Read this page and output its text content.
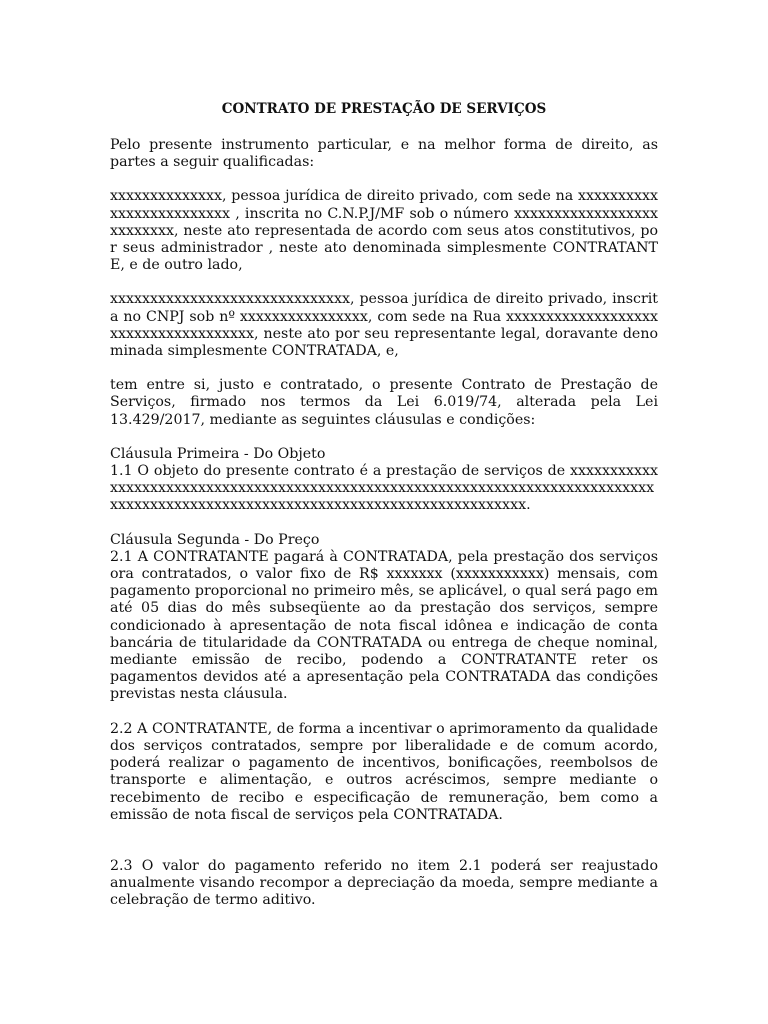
CONTRATO DE PRESTAÇÃO DE SERVIÇOS

Pelo presente instrumento particular, e na melhor forma de direito, as partes a seguir qualificadas:

xxxxxxxxxxxxxx, pessoa jurídica de direito privado, com sede na xxxxxxxxxxxxxxxxxxxxxxxxx , inscrita no C.N.P.J/MF sob o número xxxxxxxxxxxxxxxxxxxxxxxxxx, neste ato representada de acordo com seus atos constitutivos, por seus administrador , neste ato denominada simplesmente CONTRATANTE, e de outro lado,

xxxxxxxxxxxxxxxxxxxxxxxxxxxxxx, pessoa jurídica de direito privado, inscrita no CNPJ sob nº xxxxxxxxxxxxxxxx, com sede na Rua xxxxxxxxxxxxxxxxxxxxxxxxxxxxxxxxxxxxx, neste ato por seu representante legal, doravante denominada simplesmente CONTRATADA, e,

tem entre si, justo e contratado, o presente Contrato de Prestação de Serviços, firmado nos termos da Lei 6.019/74, alterada pela Lei 13.429/2017, mediante as seguintes cláusulas e condições:

Cláusula Primeira - Do Objeto

1.1 O objeto do presente contrato é a prestação de serviços de xxxxxxxxxxxxxxxxxxxxxxxxxxxxxxxxxxxxxxxxxxxxxxxxxxxxxxxxxxxxxxxxxxxxxxxxxxxxxxxxxxxxxxxxxxxxxxxxxxxxxxxxxxxxxxxxxxxxxxxxxxxxxxxxxxx.

Cláusula Segunda - Do Preço

2.1 A CONTRATANTE pagará à CONTRATADA, pela prestação dos serviços ora contratados, o valor fixo de R$ xxxxxxx (xxxxxxxxxxx) mensais, com pagamento proporcional no primeiro mês, se aplicável, o qual será pago em até 05 dias do mês subseqüente ao da prestação dos serviços, sempre condicionado à apresentação de nota fiscal idônea e indicação de conta bancária de titularidade da CONTRATADA ou entrega de cheque nominal, mediante emissão de recibo, podendo a CONTRATANTE reter os pagamentos devidos até a apresentação pela CONTRATADA das condições previstas nesta cláusula.

2.2 A CONTRATANTE, de forma a incentivar o aprimoramento da qualidade dos serviços contratados, sempre por liberalidade e de comum acordo, poderá realizar o pagamento de incentivos, bonificações, reembolsos de transporte e alimentação, e outros acréscimos, sempre mediante o recebimento de recibo e especificação de remuneração, bem como a emissão de nota fiscal de serviços pela CONTRATADA.

2.3 O valor do pagamento referido no item 2.1 poderá ser reajustado anualmente visando recompor a depreciação da moeda, sempre mediante a celebração de termo aditivo.
